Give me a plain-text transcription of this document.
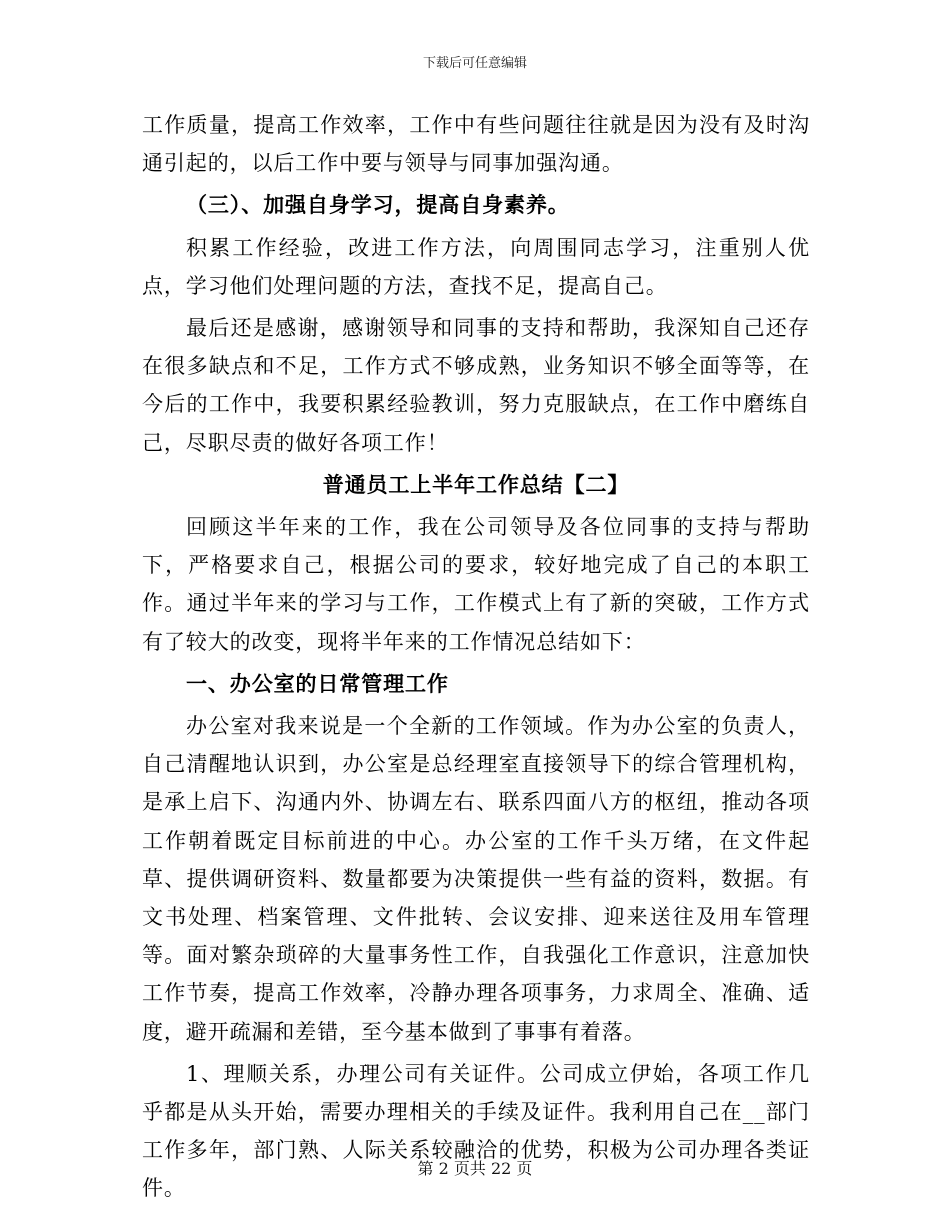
下载后可任意编辑

工作质量，提高工作效率，工作中有些问题往往就是因为没有及时沟通引起的，以后工作中要与领导与同事加强沟通。

（三）、加强自身学习，提高自身素养。

积累工作经验，改进工作方法，向周围同志学习，注重别人优点，学习他们处理问题的方法，查找不足，提高自己。

最后还是感谢，感谢领导和同事的支持和帮助，我深知自己还存在很多缺点和不足，工作方式不够成熟，业务知识不够全面等等，在今后的工作中，我要积累经验教训，努力克服缺点，在工作中磨练自己，尽职尽责的做好各项工作！

普通员工上半年工作总结【二】

回顾这半年来的工作，我在公司领导及各位同事的支持与帮助下，严格要求自己，根据公司的要求，较好地完成了自己的本职工作。通过半年来的学习与工作，工作模式上有了新的突破，工作方式有了较大的改变，现将半年来的工作情况总结如下：

一、办公室的日常管理工作

办公室对我来说是一个全新的工作领域。作为办公室的负责人，自己清醒地认识到，办公室是总经理室直接领导下的综合管理机构，是承上启下、沟通内外、协调左右、联系四面八方的枢纽，推动各项工作朝着既定目标前进的中心。办公室的工作千头万绪，在文件起草、提供调研资料、数量都要为决策提供一些有益的资料，数据。有文书处理、档案管理、文件批转、会议安排、迎来送往及用车管理等。面对繁杂琐碎的大量事务性工作，自我强化工作意识，注意加快工作节奏，提高工作效率，冷静办理各项事务，力求周全、准确、适度，避开疏漏和差错，至今基本做到了事事有着落。

1、理顺关系，办理公司有关证件。公司成立伊始，各项工作几乎都是从头开始，需要办理相关的手续及证件。我利用自己在__部门工作多年，部门熟、人际关系较融洽的优势，积极为公司办理各类证件。

第 2 页共 22 页
